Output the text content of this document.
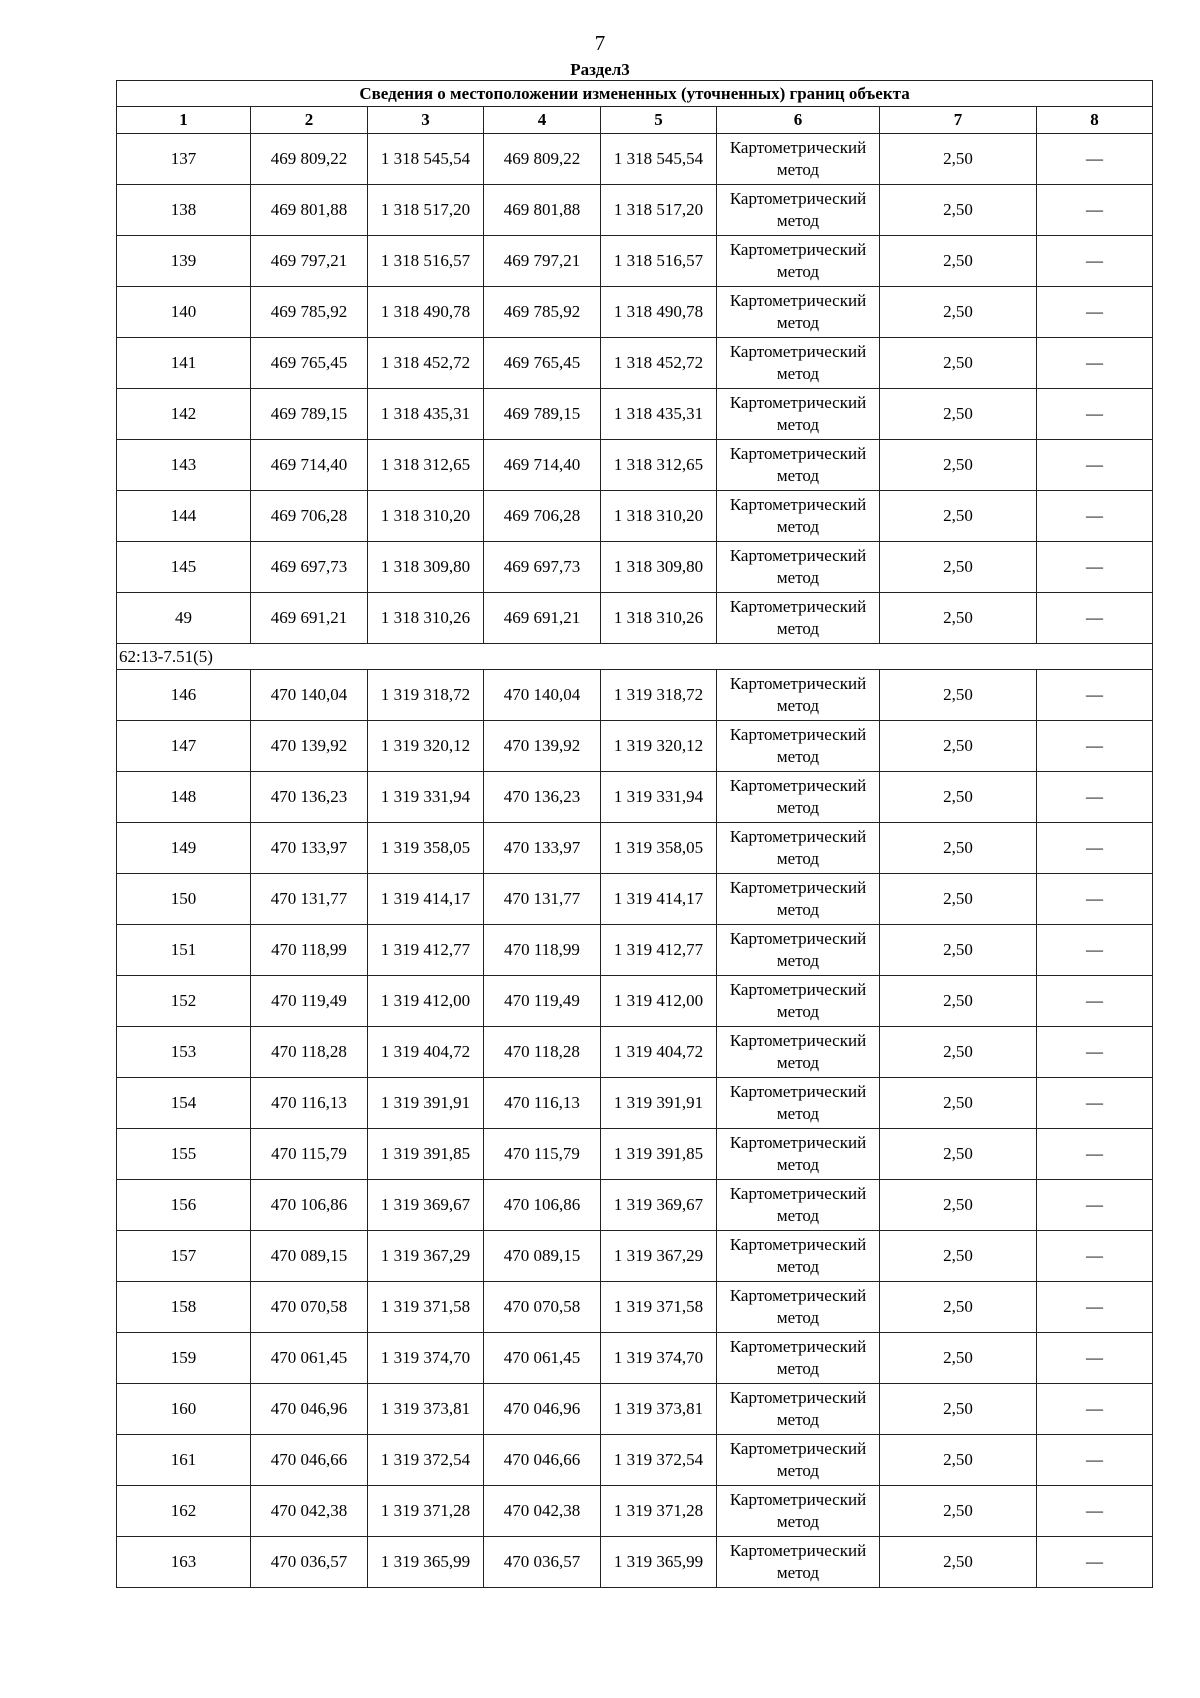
7
Раздел3
Сведения о местоположении измененных (уточненных) границ объекта							
1	2	3	4	5	6	7	8
137	469 809,22	1 318 545,54	469 809,22	1 318 545,54	Картометрический метод	2,50	—
138	469 801,88	1 318 517,20	469 801,88	1 318 517,20	Картометрический метод	2,50	—
139	469 797,21	1 318 516,57	469 797,21	1 318 516,57	Картометрический метод	2,50	—
140	469 785,92	1 318 490,78	469 785,92	1 318 490,78	Картометрический метод	2,50	—
141	469 765,45	1 318 452,72	469 765,45	1 318 452,72	Картометрический метод	2,50	—
142	469 789,15	1 318 435,31	469 789,15	1 318 435,31	Картометрический метод	2,50	—
143	469 714,40	1 318 312,65	469 714,40	1 318 312,65	Картометрический метод	2,50	—
144	469 706,28	1 318 310,20	469 706,28	1 318 310,20	Картометрический метод	2,50	—
145	469 697,73	1 318 309,80	469 697,73	1 318 309,80	Картометрический метод	2,50	—
49	469 691,21	1 318 310,26	469 691,21	1 318 310,26	Картометрический метод	2,50	—
62:13-7.51(5)							
146	470 140,04	1 319 318,72	470 140,04	1 319 318,72	Картометрический метод	2,50	—
147	470 139,92	1 319 320,12	470 139,92	1 319 320,12	Картометрический метод	2,50	—
148	470 136,23	1 319 331,94	470 136,23	1 319 331,94	Картометрический метод	2,50	—
149	470 133,97	1 319 358,05	470 133,97	1 319 358,05	Картометрический метод	2,50	—
150	470 131,77	1 319 414,17	470 131,77	1 319 414,17	Картометрический метод	2,50	—
151	470 118,99	1 319 412,77	470 118,99	1 319 412,77	Картометрический метод	2,50	—
152	470 119,49	1 319 412,00	470 119,49	1 319 412,00	Картометрический метод	2,50	—
153	470 118,28	1 319 404,72	470 118,28	1 319 404,72	Картометрический метод	2,50	—
154	470 116,13	1 319 391,91	470 116,13	1 319 391,91	Картометрический метод	2,50	—
155	470 115,79	1 319 391,85	470 115,79	1 319 391,85	Картометрический метод	2,50	—
156	470 106,86	1 319 369,67	470 106,86	1 319 369,67	Картометрический метод	2,50	—
157	470 089,15	1 319 367,29	470 089,15	1 319 367,29	Картометрический метод	2,50	—
158	470 070,58	1 319 371,58	470 070,58	1 319 371,58	Картометрический метод	2,50	—
159	470 061,45	1 319 374,70	470 061,45	1 319 374,70	Картометрический метод	2,50	—
160	470 046,96	1 319 373,81	470 046,96	1 319 373,81	Картометрический метод	2,50	—
161	470 046,66	1 319 372,54	470 046,66	1 319 372,54	Картометрический метод	2,50	—
162	470 042,38	1 319 371,28	470 042,38	1 319 371,28	Картометрический метод	2,50	—
163	470 036,57	1 319 365,99	470 036,57	1 319 365,99	Картометрический метод	2,50	—
